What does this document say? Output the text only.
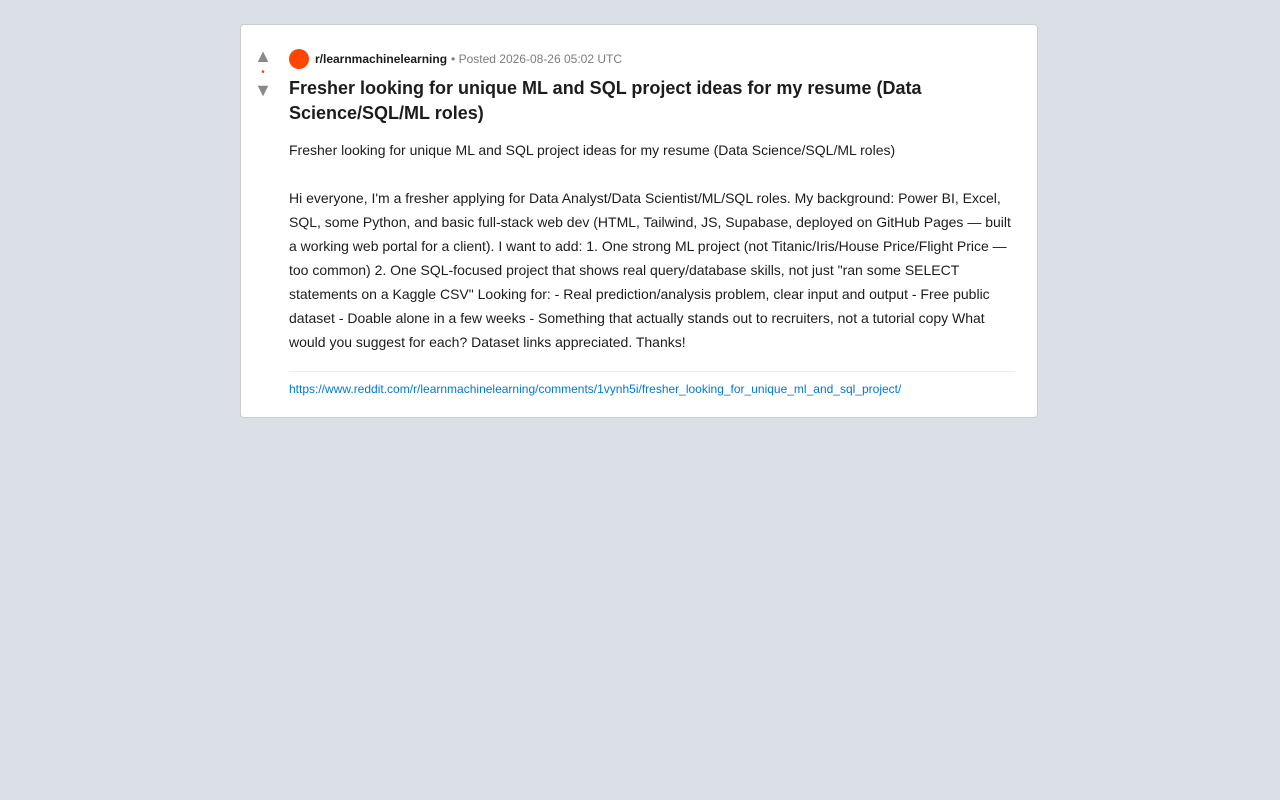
▲
•
▼
r/learnmachinelearning • Posted 2026-08-26 05:02 UTC
Fresher looking for unique ML and SQL project ideas for my resume (Data Science/SQL/ML roles)

Fresher looking for unique ML and SQL project ideas for my resume (Data Science/SQL/ML roles)

Hi everyone, I'm a fresher applying for Data Analyst/Data Scientist/ML/SQL roles. My background: Power BI, Excel, SQL, some Python, and basic full-stack web dev (HTML, Tailwind, JS, Supabase, deployed on GitHub Pages — built a working web portal for a client). I want to add: 1. One strong ML project (not Titanic/Iris/House Price/Flight Price — too common) 2. One SQL-focused project that shows real query/database skills, not just "ran some SELECT statements on a Kaggle CSV" Looking for: - Real prediction/analysis problem, clear input and output - Free public dataset - Doable alone in a few weeks - Something that actually stands out to recruiters, not a tutorial copy What would you suggest for each? Dataset links appreciated. Thanks!

https://www.reddit.com/r/learnmachinelearning/comments/1vynh5i/fresher_looking_for_unique_ml_and_sql_project/
